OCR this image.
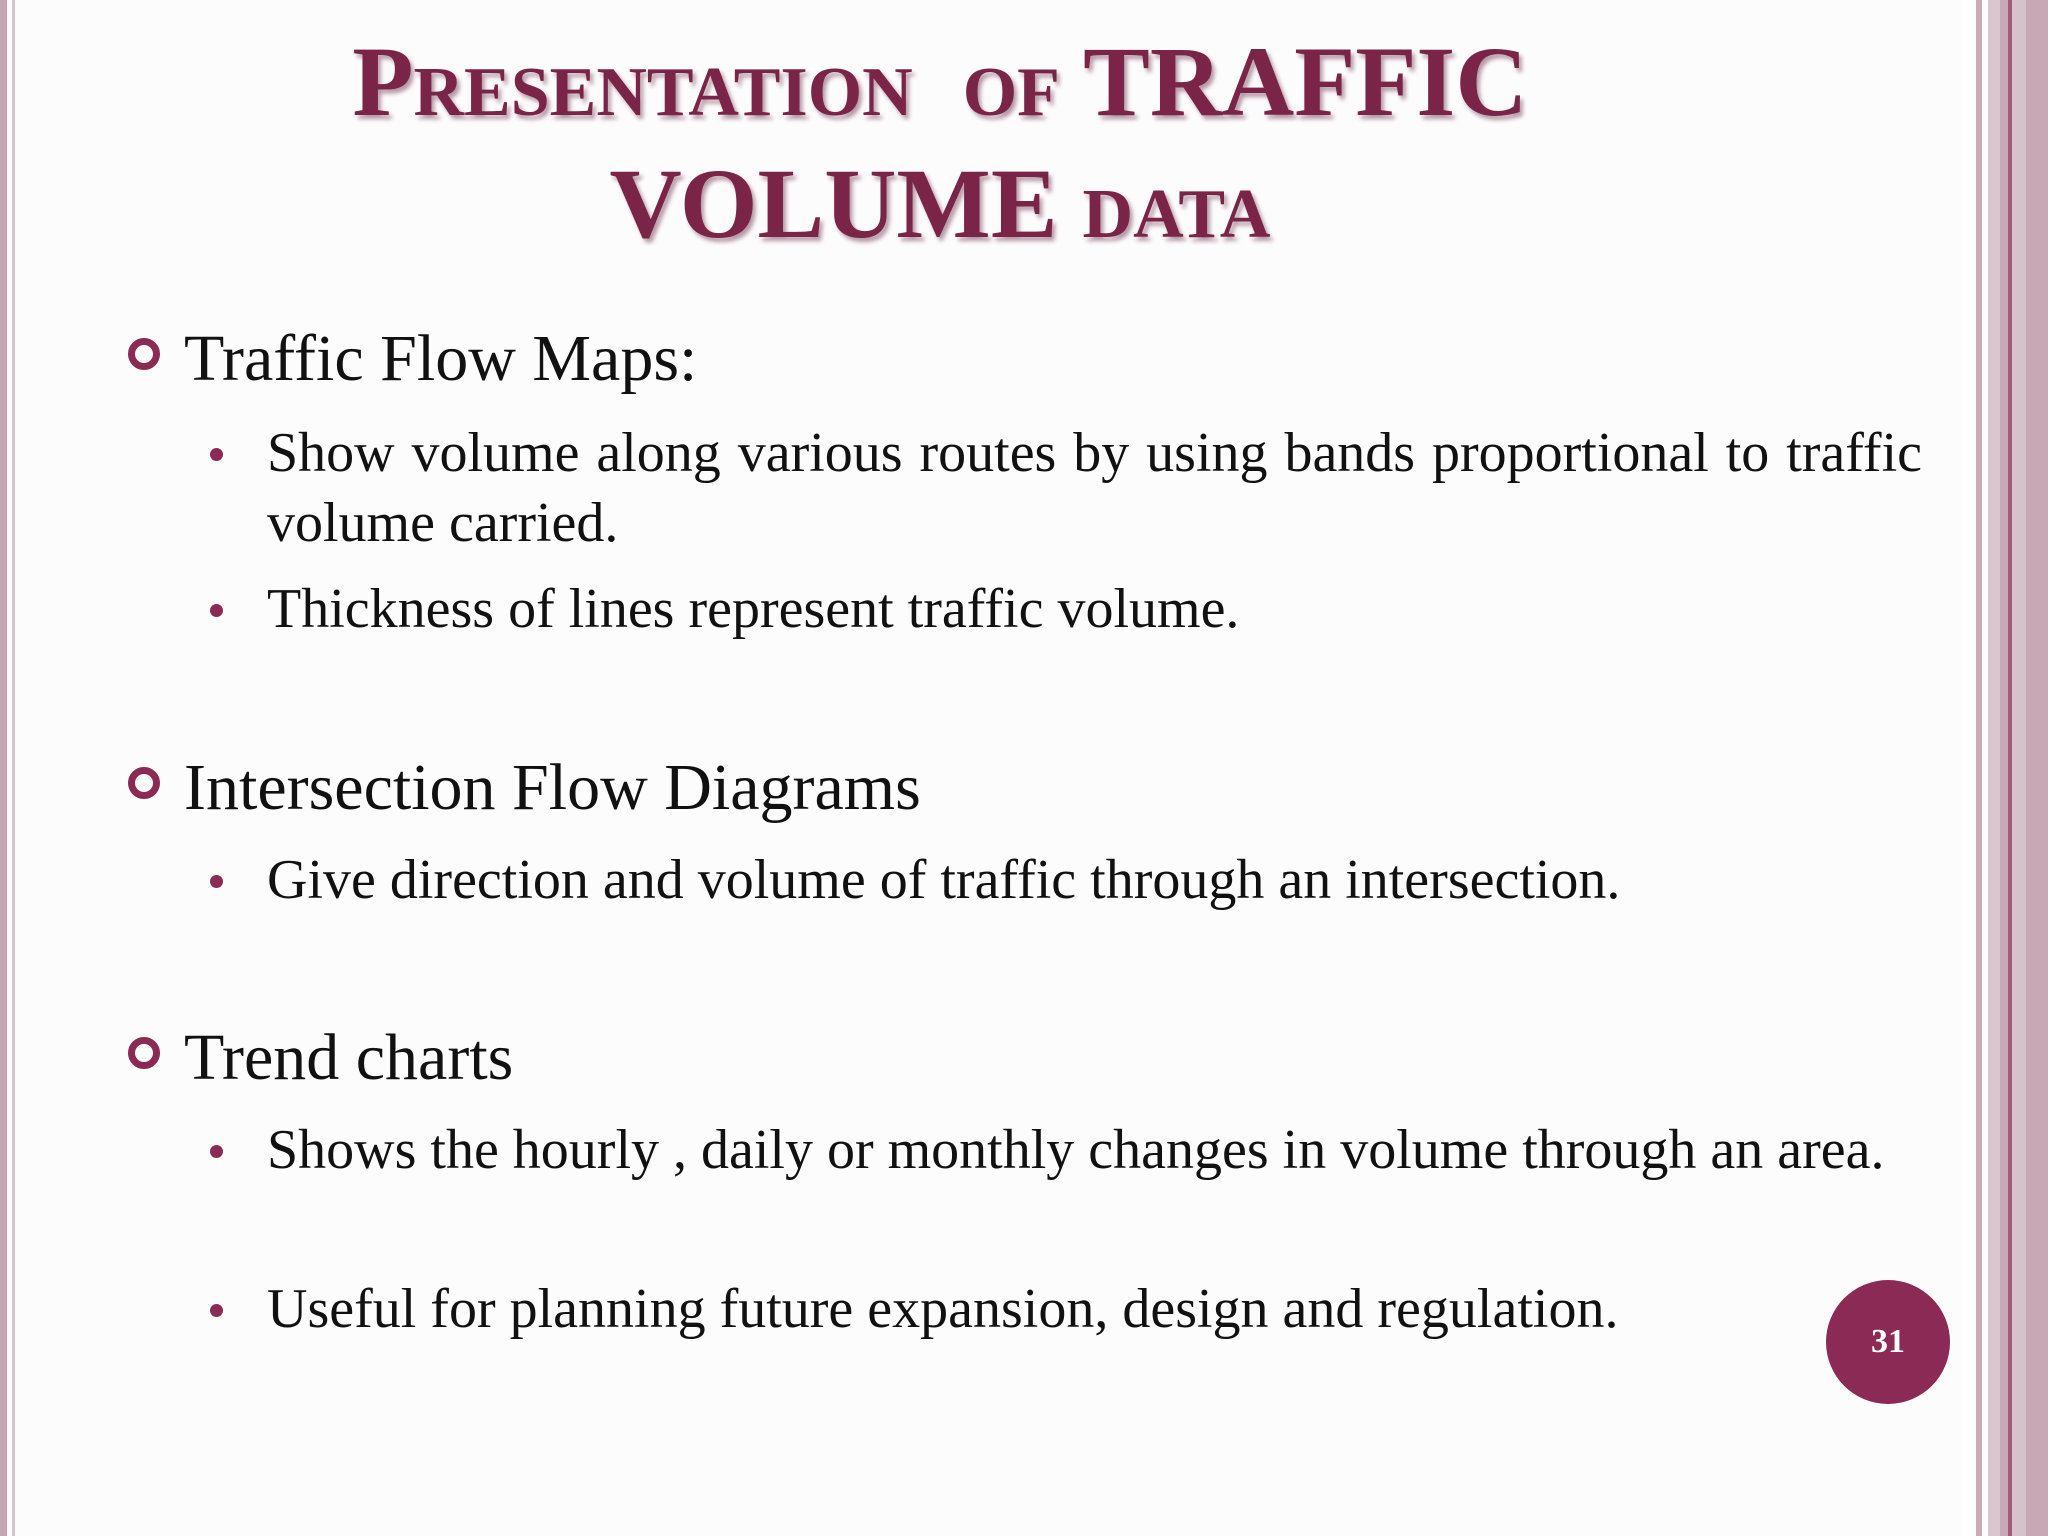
Presentation of TRAFFIC
VOLUME data
Traffic Flow Maps:
Show volume along various routes by using bands proportional to traffic volume carried.
Thickness of lines represent traffic volume.
Intersection Flow Diagrams
Give direction and volume of traffic through an intersection.
Trend charts
Shows the hourly , daily or monthly changes in volume through an area.
Useful for planning future expansion, design and regulation.
31
